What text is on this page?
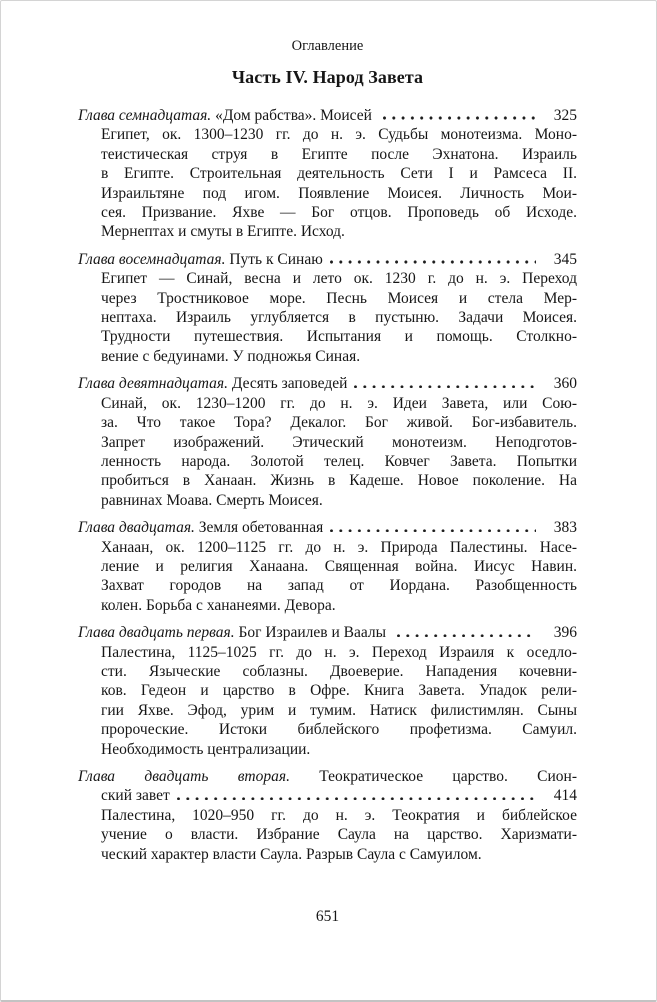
Оглавление
Часть IV. Народ Завета
Глава семнадцатая. «Дом рабства». Моисей	325
Египет, ок. 1300–1230 гг. до н. э. Судьбы монотеизма. Моно-
теистическая струя в Египте после Эхнатона. Израиль
в Египте. Строительная деятельность Сети I и Рамсеса II.
Израильтяне под игом. Появление Моисея. Личность Мои-
сея. Призвание. Яхве — Бог отцов. Проповедь об Исходе.
Мернептах и смуты в Египте. Исход.
Глава восемнадцатая. Путь к Синаю	345
Египет — Синай, весна и лето ок. 1230 г. до н. э. Переход
через Тростниковое море. Песнь Моисея и стела Мер-
нептаха. Израиль углубляется в пустыню. Задачи Моисея.
Трудности путешествия. Испытания и помощь. Столкно-
вение с бедуинами. У подножья Синая.
Глава девятнадцатая. Десять заповедей	360
Синай, ок. 1230–1200 гг. до н. э. Идеи Завета, или Сою-
за. Что такое Тора? Декалог. Бог живой. Бог-избавитель.
Запрет изображений. Этический монотеизм. Неподготов-
ленность народа. Золотой телец. Ковчег Завета. Попытки
пробиться в Ханаан. Жизнь в Кадеше. Новое поколение. На
равнинах Моава. Смерть Моисея.
Глава двадцатая. Земля обетованная	383
Ханаан, ок. 1200–1125 гг. до н. э. Природа Палестины. Насе-
ление и религия Ханаана. Священная война. Иисус Навин.
Захват городов на запад от Иордана. Разобщенность
колен. Борьба с хананеями. Девора.
Глава двадцать первая. Бог Израилев и Ваалы	396
Палестина, 1125–1025 гг. до н. э. Переход Израиля к оседло-
сти. Языческие соблазны. Двоеверие. Нападения кочевни-
ков. Гедеон и царство в Офре. Книга Завета. Упадок рели-
гии Яхве. Эфод, урим и тумим. Натиск филистимлян. Сыны
пророческие. Истоки библейского профетизма. Самуил.
Необходимость централизации.
Глава двадцать вторая. Теократическое царство. Сион-
ский завет	414
Палестина, 1020–950 гг. до н. э. Теократия и библейское
учение о власти. Избрание Саула на царство. Харизмати-
ческий характер власти Саула. Разрыв Саула с Самуилом.
651
